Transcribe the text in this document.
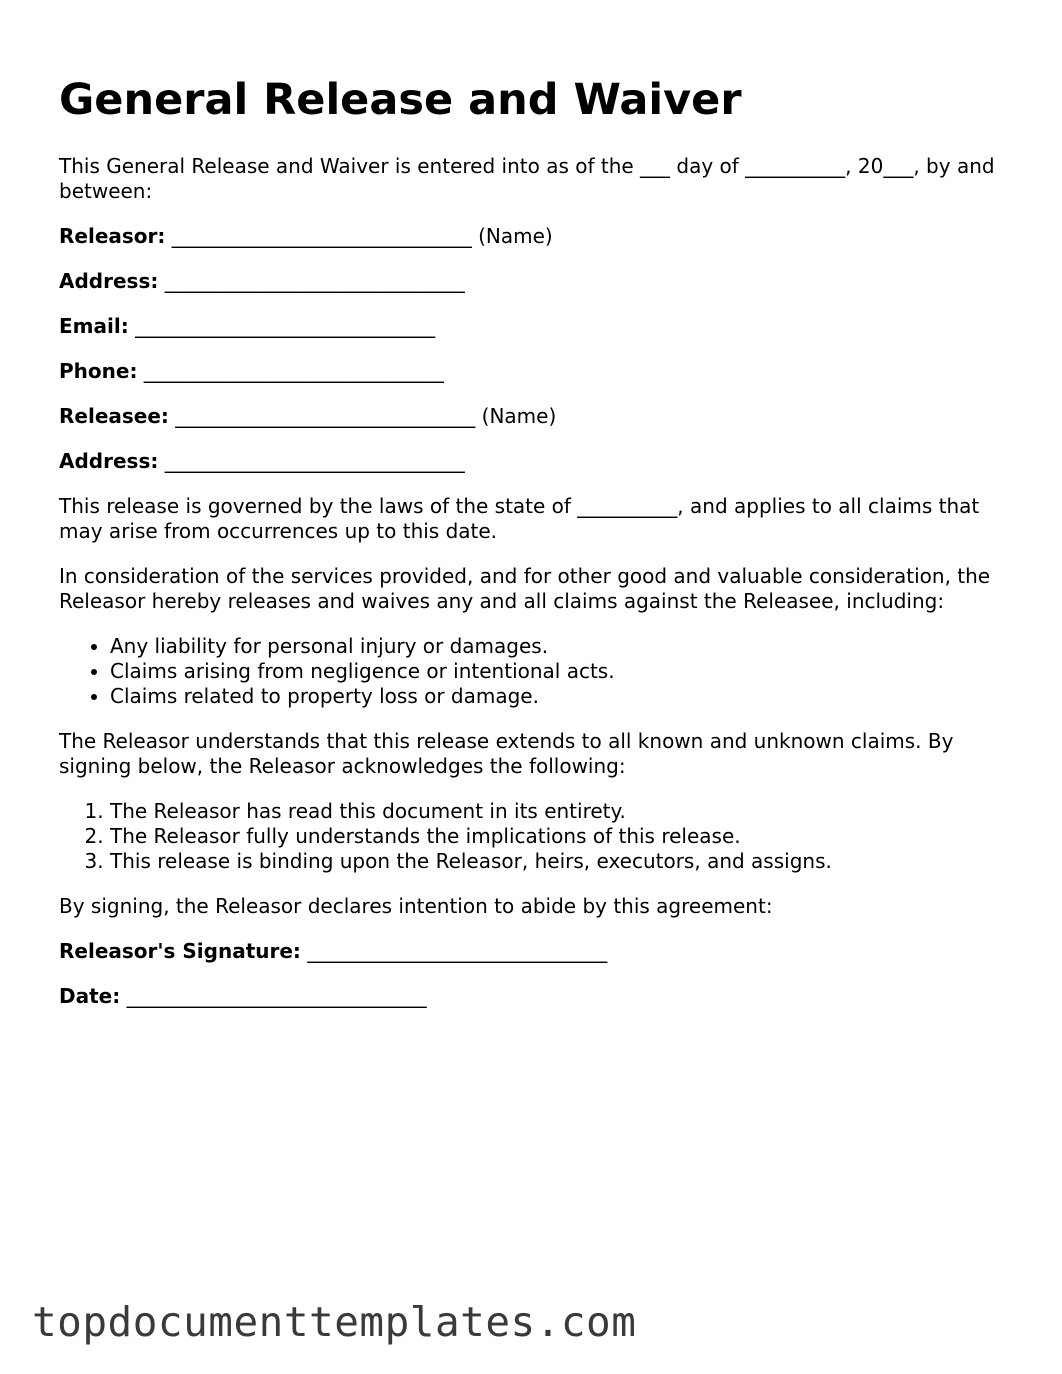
General Release and Waiver

This General Release and Waiver is entered into as of the ___ day of __________, 20___, by and between:

Releasor: ______________________________ (Name)

Address: ______________________________

Email: ______________________________

Phone: ______________________________

Releasee: ______________________________ (Name)

Address: ______________________________

This release is governed by the laws of the state of __________, and applies to all claims that may arise from occurrences up to this date.

In consideration of the services provided, and for other good and valuable consideration, the Releasor hereby releases and waives any and all claims against the Releasee, including:

• Any liability for personal injury or damages.
• Claims arising from negligence or intentional acts.
• Claims related to property loss or damage.

The Releasor understands that this release extends to all known and unknown claims. By signing below, the Releasor acknowledges the following:

1. The Releasor has read this document in its entirety.
2. The Releasor fully understands the implications of this release.
3. This release is binding upon the Releasor, heirs, executors, and assigns.

By signing, the Releasor declares intention to abide by this agreement:

Releasor's Signature: ______________________________

Date: ______________________________

topdocumenttemplates.com
